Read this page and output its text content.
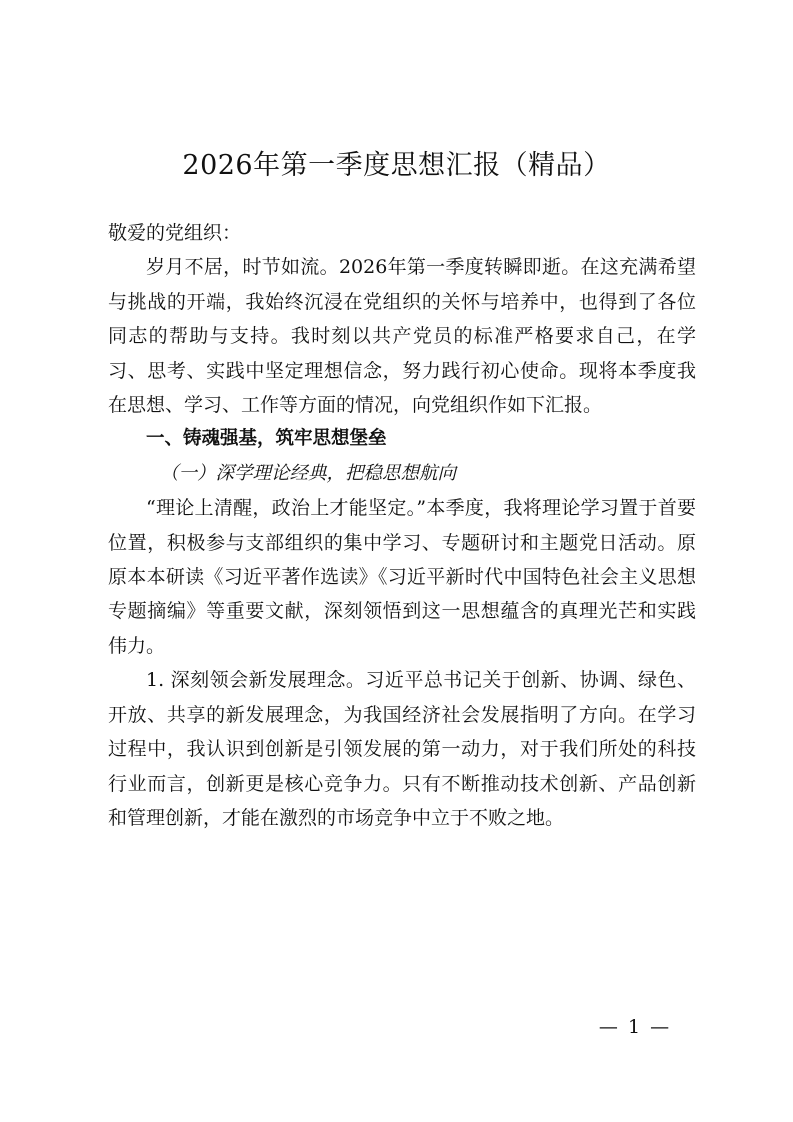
2026年第一季度思想汇报（精品）

敬爱的党组织：

岁月不居，时节如流。2026年第一季度转瞬即逝。在这充满希望与挑战的开端，我始终沉浸在党组织的关怀与培养中，也得到了各位同志的帮助与支持。我时刻以共产党员的标准严格要求自己，在学习、思考、实践中坚定理想信念，努力践行初心使命。现将本季度我在思想、学习、工作等方面的情况，向党组织作如下汇报。

一、铸魂强基，筑牢思想堡垒

（一）深学理论经典，把稳思想航向

“理论上清醒，政治上才能坚定。”本季度，我将理论学习置于首要位置，积极参与支部组织的集中学习、专题研讨和主题党日活动。原原本本研读《习近平著作选读》《习近平新时代中国特色社会主义思想专题摘编》等重要文献，深刻领悟到这一思想蕴含的真理光芒和实践伟力。

1. 深刻领会新发展理念。习近平总书记关于创新、协调、绿色、开放、共享的新发展理念，为我国经济社会发展指明了方向。在学习过程中，我认识到创新是引领发展的第一动力，对于我们所处的科技行业而言，创新更是核心竞争力。只有不断推动技术创新、产品创新和管理创新，才能在激烈的市场竞争中立于不败之地。

— 1 —
